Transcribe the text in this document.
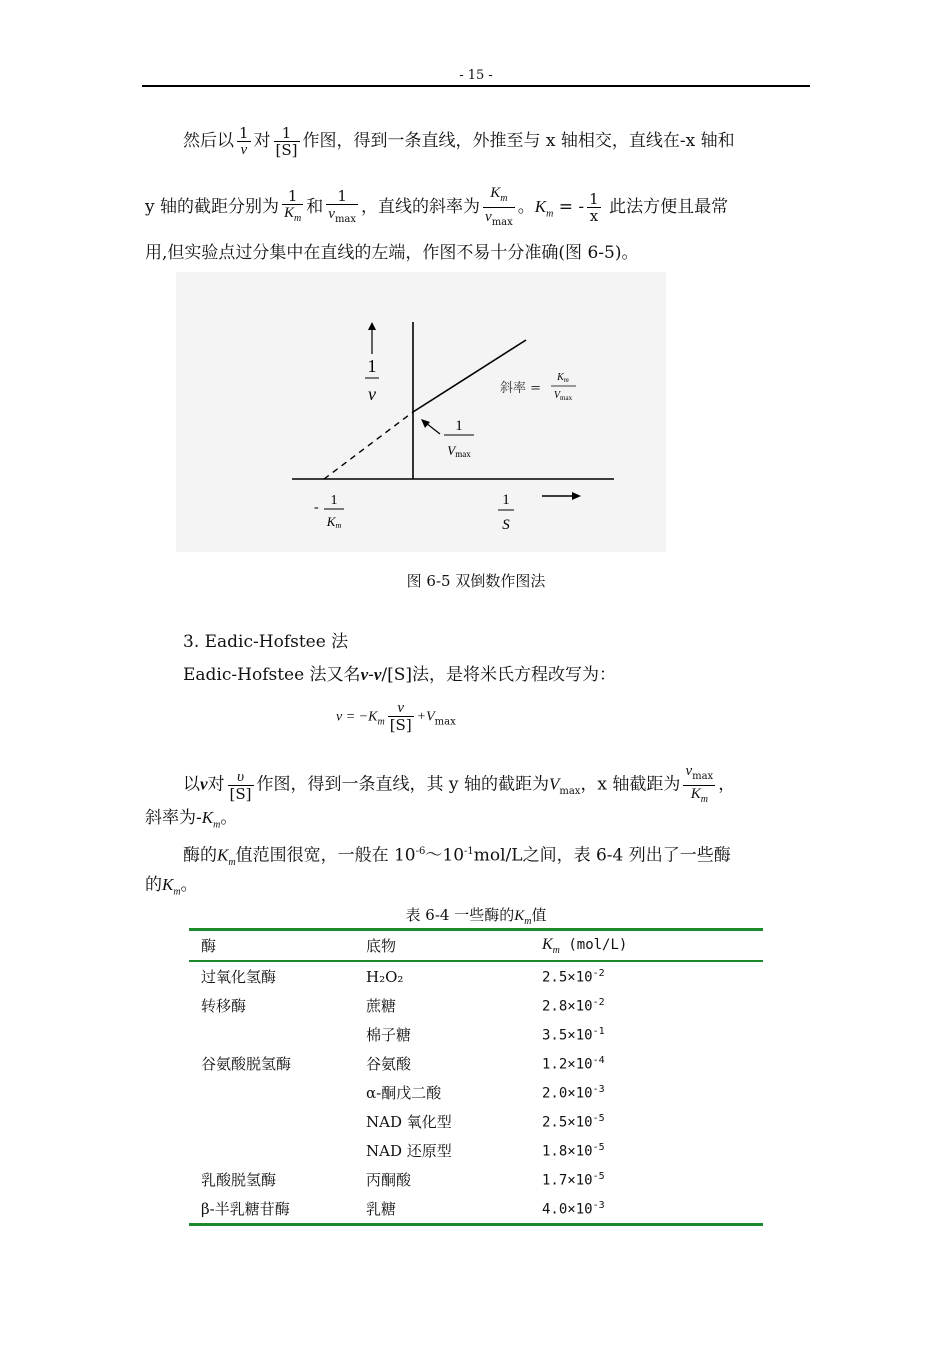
- 15 -
然后以 $\frac{1}{v}$ 对 $\frac{1}{[S]}$ 作图，得到一条直线，外推至与 x 轴相交，直线在-x 轴和
y 轴的截距分别为 $\frac{1}{K_m}$ 和 $\frac{1}{v_{max}}$ ，直线的斜率为 $\frac{K_m}{v_{max}}$ 。$K_m$ = - $\frac{1}{x}$ 此法方便且最常
用,但实验点过分集中在直线的左端，作图不易十分准确(图 6-5)。
1
v	斜率 =
$K_m$
$V_{max}$
1
Vmax
- 1
Km
1
S
图 6-5 双倒数作图法
3. Eadic-Hofstee 法
Eadic-Hofstee 法又名v-v/[S]法，是将米氏方程改写为：
$v = -K_m \frac{v}{[S]} +V_{max}$
以v对 $\frac{\upsilon}{[S]}$ 作图，得到一条直线，其 y 轴的截距为$V_{max}$，x 轴截距为 $\frac{v_{max}}{K_m}$ ，
斜率为$-K_m$。
酶的$K_m$值范围很宽，一般在 $10^{-6}\sim 10^{-1}mol/L$之间，表 6-4 列出了一些酶
的$K_m$。
表 6-4 一些酶的$K_m$值
酶	底物	$K_m$ (mol/L)
过氧化氢酶	H₂O₂	$2.5\times 10^{-2}$
转移酶	蔗糖	$2.8\times 10^{-2}$
	棉子糖	$3.5\times 10^{-1}$
谷氨酸脱氢酶	谷氨酸	$1.2\times 10^{-4}$
	α-酮戊二酸	$2.0\times 10^{-3}$
	NAD 氧化型	$2.5\times 10^{-5}$
	NAD 还原型	$1.8\times 10^{-5}$
乳酸脱氢酶	丙酮酸	$1.7\times 10^{-5}$
β-半乳糖苷酶	乳糖	$4.0\times 10^{-3}$
